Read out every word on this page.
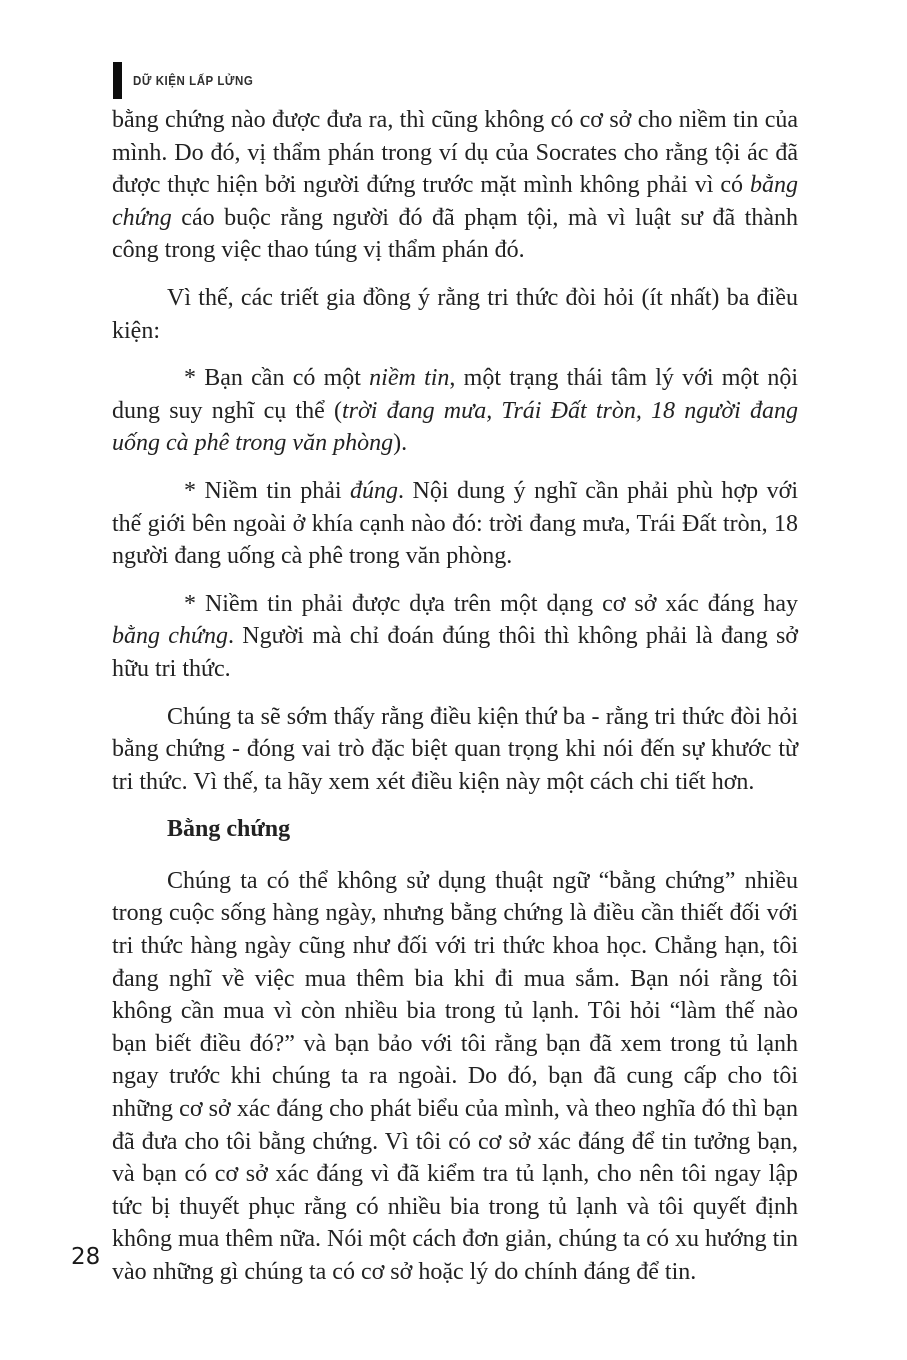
DỮ KIỆN LẤP LỬNG

bằng chứng nào được đưa ra, thì cũng không có cơ sở cho niềm tin của mình. Do đó, vị thẩm phán trong ví dụ của Socrates cho rằng tội ác đã được thực hiện bởi người đứng trước mặt mình không phải vì có bằng chứng cáo buộc rằng người đó đã phạm tội, mà vì luật sư đã thành công trong việc thao túng vị thẩm phán đó.

Vì thế, các triết gia đồng ý rằng tri thức đòi hỏi (ít nhất) ba điều kiện:

* Bạn cần có một niềm tin, một trạng thái tâm lý với một nội dung suy nghĩ cụ thể (trời đang mưa, Trái Đất tròn, 18 người đang uống cà phê trong văn phòng).

* Niềm tin phải đúng. Nội dung ý nghĩ cần phải phù hợp với thế giới bên ngoài ở khía cạnh nào đó: trời đang mưa, Trái Đất tròn, 18 người đang uống cà phê trong văn phòng.

* Niềm tin phải được dựa trên một dạng cơ sở xác đáng hay bằng chứng. Người mà chỉ đoán đúng thôi thì không phải là đang sở hữu tri thức.

Chúng ta sẽ sớm thấy rằng điều kiện thứ ba - rằng tri thức đòi hỏi bằng chứng - đóng vai trò đặc biệt quan trọng khi nói đến sự khước từ tri thức. Vì thế, ta hãy xem xét điều kiện này một cách chi tiết hơn.

Bằng chứng

Chúng ta có thể không sử dụng thuật ngữ “bằng chứng” nhiều trong cuộc sống hàng ngày, nhưng bằng chứng là điều cần thiết đối với tri thức hàng ngày cũng như đối với tri thức khoa học. Chẳng hạn, tôi đang nghĩ về việc mua thêm bia khi đi mua sắm. Bạn nói rằng tôi không cần mua vì còn nhiều bia trong tủ lạnh. Tôi hỏi “làm thế nào bạn biết điều đó?” và bạn bảo với tôi rằng bạn đã xem trong tủ lạnh ngay trước khi chúng ta ra ngoài. Do đó, bạn đã cung cấp cho tôi những cơ sở xác đáng cho phát biểu của mình, và theo nghĩa đó thì bạn đã đưa cho tôi bằng chứng. Vì tôi có cơ sở xác đáng để tin tưởng bạn, và bạn có cơ sở xác đáng vì đã kiểm tra tủ lạnh, cho nên tôi ngay lập tức bị thuyết phục rằng có nhiều bia trong tủ lạnh và tôi quyết định không mua thêm nữa. Nói một cách đơn giản, chúng ta có xu hướng tin vào những gì chúng ta có cơ sở hoặc lý do chính đáng để tin.

28
